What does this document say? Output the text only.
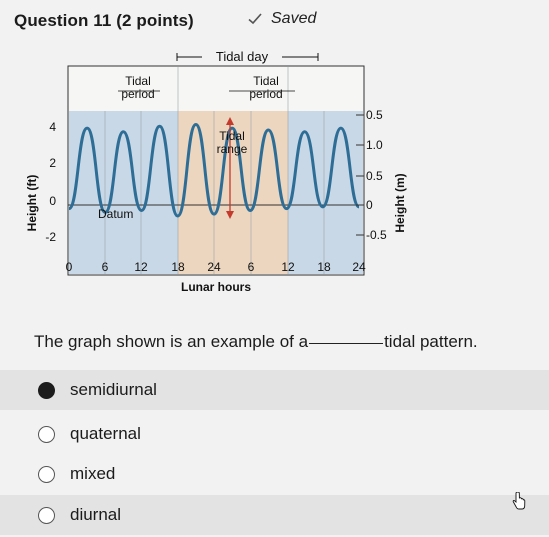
Question 11 (2 points)	Saved
Tidal day
Tidal
period
Tidal
period
Tidal
range
Datum
4
2
0
-2
Height (ft)
0.5
1.0
0.5
0
-0.5
Height (m)
0 6 12 18 24 6 12 18 24
Lunar hours
The graph shown is an example of a	tidal pattern.
semidiurnal
quaternal
mixed
diurnal
